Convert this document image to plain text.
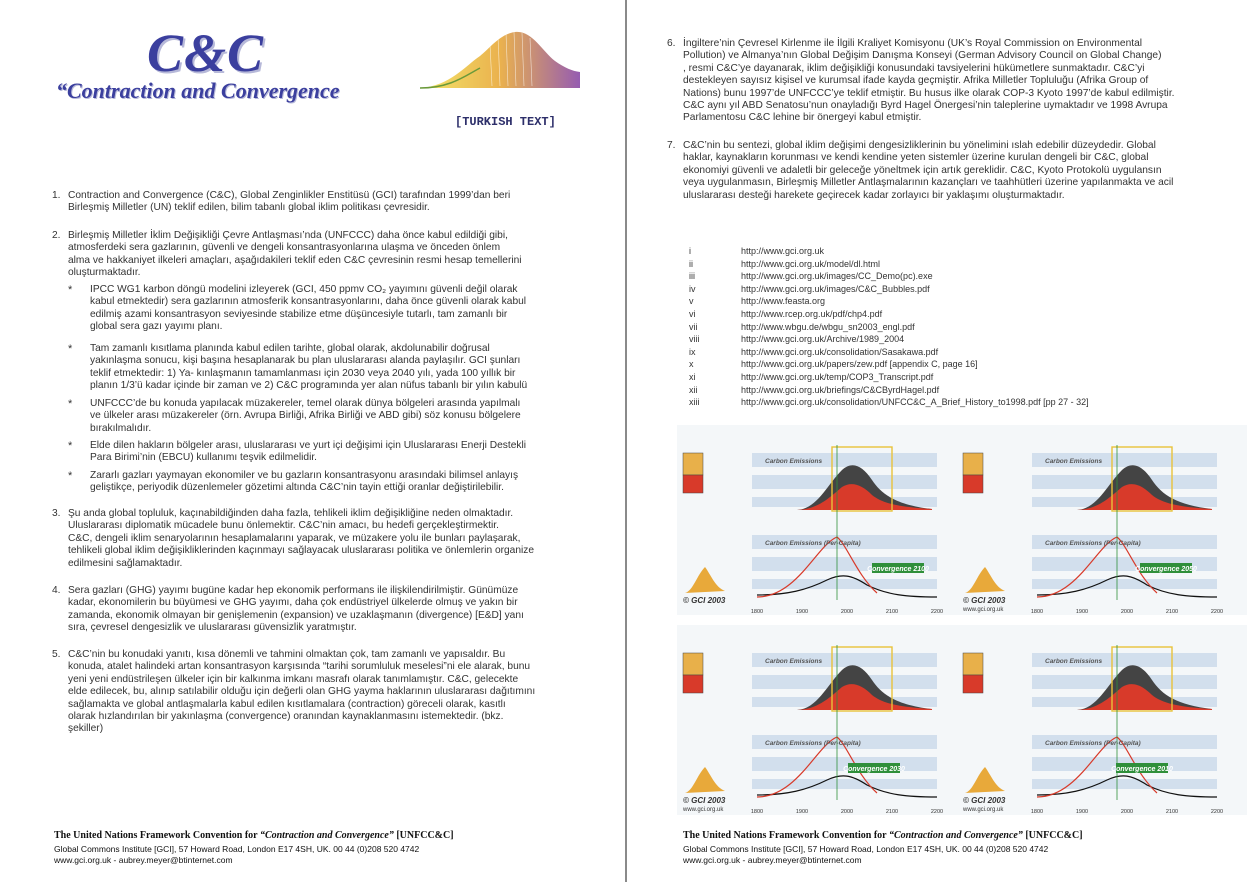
C&C
“Contraction and Convergence
[TURKISH TEXT]
1. Contraction and Convergence (C&C), Global Zenginlikler Enstitüsü (GCI) tarafından 1999’dan beri
Birleşmiş Milletler (UN) teklif edilen, bilim tabanlı global iklim politikası çevresidir.
2. Birleşmiş Milletler İklim Değişikliği Çevre Antlaşması’nda (UNFCCC) daha önce kabul edildiği gibi,
atmosferdeki sera gazlarının, güvenli ve dengeli konsantrasyonlarına ulaşma ve önceden önlem
alma ve hakkaniyet ilkeleri amaçları, aşağıdakileri teklif eden C&C çevresinin resmi hesap temellerini
oluşturmaktadır.
* IPCC WG1 karbon döngü modelini izleyerek (GCI, 450 ppmv CO₂ yayımını güvenli değil olarak
kabul etmektedir) sera gazlarının atmosferik konsantrasyonlarını, daha önce güvenli olarak kabul
edilmiş azami konsantrasyon seviyesinde stabilize etme düşüncesiyle tutarlı, tam zamanlı bir
global sera gazı yayımı planı.
* Tam zamanlı kısıtlama planında kabul edilen tarihte, global olarak, akdolunabilir doğrusal
yakınlaşma sonucu, kişi başına hesaplanarak bu plan uluslararası alanda paylaşılır. GCI şunları
teklif etmektedir: 1) Ya- kınlaşmanın tamamlanması için 2030 veya 2040 yılı, yada 100 yıllık bir
planın 1/3’ü kadar içinde bir zaman ve 2) C&C programında yer alan nüfus tabanlı bir yılın kabulü
* UNFCCC’de bu konuda yapılacak müzakereler, temel olarak dünya bölgeleri arasında yapılmalı
ve ülkeler arası müzakereler (örn. Avrupa Birliği, Afrika Birliği ve ABD gibi) söz konusu bölgelere
bırakılmalıdır.
* Elde dilen hakların bölgeler arası, uluslararası ve yurt içi değişimi için Uluslararası Enerji Destekli
Para Birimi’nin (EBCU) kullanımı teşvik edilmelidir.
* Zararlı gazları yaymayan ekonomiler ve bu gazların konsantrasyonu arasındaki bilimsel anlayış
geliştikçe, periyodik düzenlemeler gözetimi altında C&C’nin tayin ettiği oranlar değiştirilebilir.
3. Şu anda global topluluk, kaçınabildiğinden daha fazla, tehlikeli iklim değişikliğine neden olmaktadır.
Uluslararası diplomatik mücadele bunu önlemektir. C&C’nin amacı, bu hedefi gerçekleştirmektir.
C&C, dengeli iklim senaryolarının hesaplamalarını yaparak, ve müzakere yolu ile bunları paylaşarak,
tehlikeli global iklim değişikliklerinden kaçınmayı sağlayacak uluslararası politika ve önlemlerin organize
edilmesini sağlamaktadır.
4. Sera gazları (GHG) yayımı bugüne kadar hep ekonomik performans ile ilişkilendirilmiştir. Günümüze
kadar, ekonomilerin bu büyümesi ve GHG yayımı, daha çok endüstriyel ülkelerde olmuş ve yakın bir
zamanda, ekonomik olmayan bir genişlemenin (expansion) ve uzaklaşmanın (divergence) [E&D] yanı
sıra, çevresel dengesizlik ve uluslararası güvensizlik yaratmıştır.
5. C&C’nin bu konudaki yanıtı, kısa dönemli ve tahmini olmaktan çok, tam zamanlı ve yapısaldır. Bu
konuda, atalet halindeki artan konsantrasyon karşısında “tarihi sorumluluk meselesi”ni ele alarak, bunu
yeni yeni endüstrileşen ülkeler için bir kalkınma imkanı masrafı olarak tanımlamıştır. C&C, gelecekte
elde edilecek, bu, alınıp satılabilir olduğu için değerli olan GHG yayma haklarının uluslararası dağıtımını
sağlamakta ve global antlaşmalarla kabul edilen kısıtlamalara (contraction) göreceli olarak, kasıtlı
olarak hızlandırılan bir yakınlaşma (convergence) oranından kaynaklanmasını istemektedir. (bkz.
şekiller)
The United Nations Framework Convention for “Contraction and Convergence” [UNFCC&C]
Global Commons Institute [GCI], 57 Howard Road, London E17 4SH, UK. 00 44 (0)208 520 4742
www.gci.org.uk - aubrey.meyer@btinternet.com
6. İngiltere’nin Çevresel Kirlenme ile İlgili Kraliyet Komisyonu (UK’s Royal Commission on Environmental
Pollution) ve Almanya’nın Global Değişim Danışma Konseyi (German Advisory Council on Global Change)
, resmi C&C’ye dayanarak, iklim değişikliği konusundaki tavsiyelerini hükümetlere sunmaktadır. C&C’yi
destekleyen sayısız kişisel ve kurumsal ifade kayda geçmiştir. Afrika Milletler Topluluğu (Afrika Group of
Nations) bunu 1997’de UNFCCC’ye teklif etmiştir. Bu husus ilke olarak COP-3 Kyoto 1997’de kabul edilmiştir.
C&C aynı yıl ABD Senatosu’nun onayladığı Byrd Hagel Önergesi’nin taleplerine uymaktadır ve 1998 Avrupa
Parlamentosu C&C lehine bir önergeyi kabul etmiştir.
7. C&C’nin bu sentezi, global iklim değişimi dengesizliklerinin bu yönelimini ıslah edebilir düzeydedir. Global
haklar, kaynakların korunması ve kendi kendine yeten sistemler üzerine kurulan dengeli bir C&C, global
ekonomiyi güvenli ve adaletli bir geleceğe yöneltmek için artık gereklidir. C&C, Kyoto Protokolü uygulansın
veya uygulanmasın, Birleşmiş Milletler Antlaşmalarının kazançları ve taahhütleri üzerine yapılanmakta ve acil
uluslararası desteği harekete geçirecek kadar zorlayıcı bir yaklaşımı oluşturmaktadır.
i	http://www.gci.org.uk
ii	http://www.gci.org.uk/model/dl.html
iii	http://www.gci.org.uk/images/CC_Demo(pc).exe
iv	http://www.gci.org.uk/images/C&C_Bubbles.pdf
v	http://www.feasta.org
vi	http://www.rcep.org.uk/pdf/chp4.pdf
vii	http://www.wbgu.de/wbgu_sn2003_engl.pdf
viii	http://www.gci.org.uk/Archive/1989_2004
ix	http://www.gci.org.uk/consolidation/Sasakawa.pdf
x	http://www.gci.org.uk/papers/zew.pdf [appendix C, page 16]
xi	http://www.gci.org.uk/temp/COP3_Transcript.pdf
xii	http://www.gci.org.uk/briefings/C&CByrdHagel.pdf
xiii	http://www.gci.org.uk/consolidation/UNFCC&C_A_Brief_History_to1998.pdf [pp 27 - 32]
Convergence 2100
Carbon Emissions
Carbon Emissions (Per-Capita)
© GCI 2003
1800	1900	2000	2100	2200
Convergence 2050
Carbon Emissions
Carbon Emissions (Per-Capita)
© GCI 2003
www.gci.org.uk	1800	1900	2000	2100	2200
Convergence 2030
Carbon Emissions
Carbon Emissions (Per-Capita)
© GCI 2003
www.gci.org.uk	1800	1900	2000	2100	2200
Convergence 2010
Carbon Emissions
Carbon Emissions (Per-Capita)
© GCI 2003
www.gci.org.uk	1800	1900	2000	2100	2200
The United Nations Framework Convention for “Contraction and Convergence” [UNFCC&C]
Global Commons Institute [GCI], 57 Howard Road, London E17 4SH, UK. 00 44 (0)208 520 4742
www.gci.org.uk - aubrey.meyer@btinternet.com
